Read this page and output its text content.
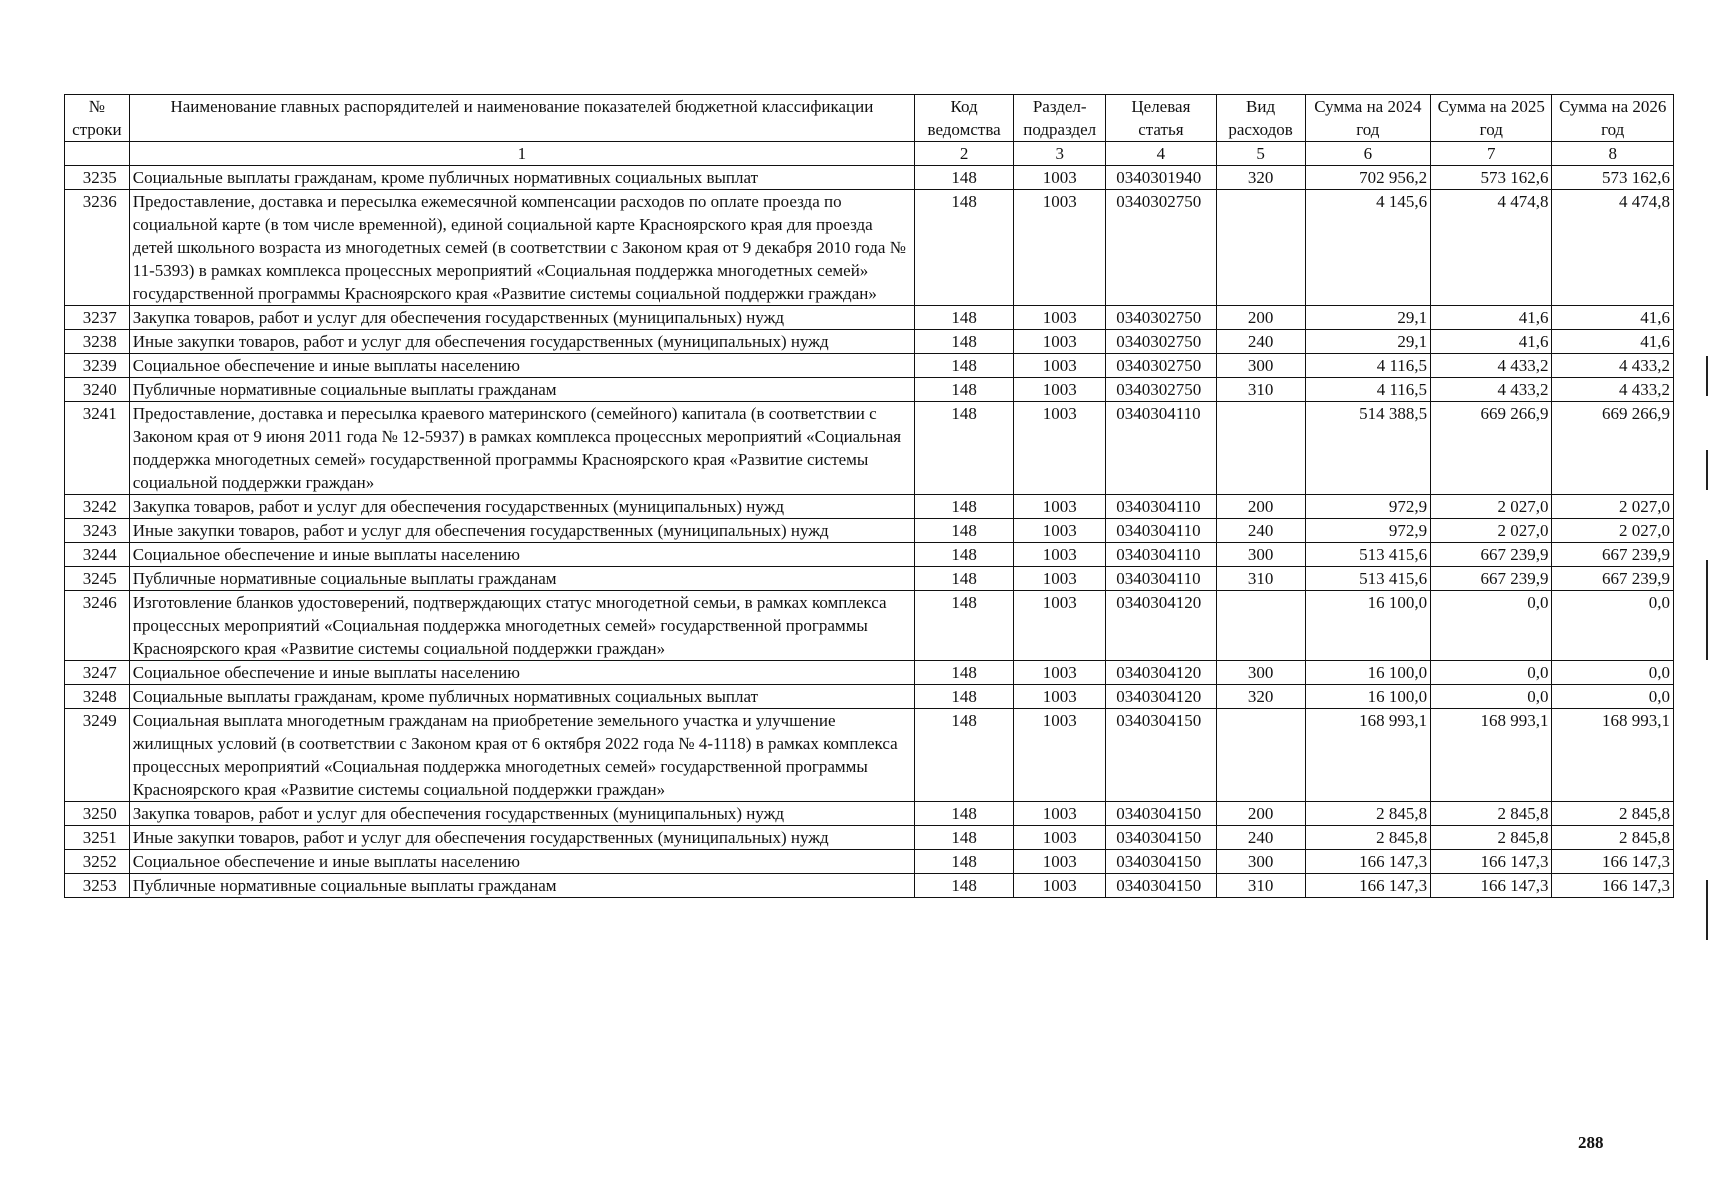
№ строки	Наименование главных распорядителей и наименование показателей бюджетной классификации	Код ведомства	Раздел-подраздел	Целевая статья	Вид расходов	Сумма на 2024 год	Сумма на 2025 год	Сумма на 2026 год
	1	2	3	4	5	6	7	8
3235	Социальные выплаты гражданам, кроме публичных нормативных социальных выплат	148	1003	0340301940	320	702 956,2	573 162,6	573 162,6
3236	Предоставление, доставка и пересылка ежемесячной компенсации расходов по оплате проезда по социальной карте (в том числе временной), единой социальной карте Красноярского края для проезда детей школьного возраста из многодетных семей (в соответствии с Законом края от 9 декабря 2010 года № 11-5393) в рамках комплекса процессных мероприятий «Социальная поддержка многодетных семей» государственной программы Красноярского края «Развитие системы социальной поддержки граждан»	148	1003	0340302750		4 145,6	4 474,8	4 474,8
3237	Закупка товаров, работ и услуг для обеспечения государственных (муниципальных) нужд	148	1003	0340302750	200	29,1	41,6	41,6
3238	Иные закупки товаров, работ и услуг для обеспечения государственных (муниципальных) нужд	148	1003	0340302750	240	29,1	41,6	41,6
3239	Социальное обеспечение и иные выплаты населению	148	1003	0340302750	300	4 116,5	4 433,2	4 433,2
3240	Публичные нормативные социальные выплаты гражданам	148	1003	0340302750	310	4 116,5	4 433,2	4 433,2
3241	Предоставление, доставка и пересылка краевого материнского (семейного) капитала (в соответствии с Законом края от 9 июня 2011 года № 12-5937) в рамках комплекса процессных мероприятий «Социальная поддержка многодетных семей» государственной программы Красноярского края «Развитие системы социальной поддержки граждан»	148	1003	0340304110		514 388,5	669 266,9	669 266,9
3242	Закупка товаров, работ и услуг для обеспечения государственных (муниципальных) нужд	148	1003	0340304110	200	972,9	2 027,0	2 027,0
3243	Иные закупки товаров, работ и услуг для обеспечения государственных (муниципальных) нужд	148	1003	0340304110	240	972,9	2 027,0	2 027,0
3244	Социальное обеспечение и иные выплаты населению	148	1003	0340304110	300	513 415,6	667 239,9	667 239,9
3245	Публичные нормативные социальные выплаты гражданам	148	1003	0340304110	310	513 415,6	667 239,9	667 239,9
3246	Изготовление бланков удостоверений, подтверждающих статус многодетной семьи, в рамках комплекса процессных мероприятий «Социальная поддержка многодетных семей» государственной программы Красноярского края «Развитие системы социальной поддержки граждан»	148	1003	0340304120		16 100,0	0,0	0,0
3247	Социальное обеспечение и иные выплаты населению	148	1003	0340304120	300	16 100,0	0,0	0,0
3248	Социальные выплаты гражданам, кроме публичных нормативных социальных выплат	148	1003	0340304120	320	16 100,0	0,0	0,0
3249	Социальная выплата многодетным гражданам на приобретение земельного участка и улучшение жилищных условий (в соответствии с Законом края от 6 октября 2022 года № 4-1118) в рамках комплекса процессных мероприятий «Социальная поддержка многодетных семей» государственной программы Красноярского края «Развитие системы социальной поддержки граждан»	148	1003	0340304150		168 993,1	168 993,1	168 993,1
3250	Закупка товаров, работ и услуг для обеспечения государственных (муниципальных) нужд	148	1003	0340304150	200	2 845,8	2 845,8	2 845,8
3251	Иные закупки товаров, работ и услуг для обеспечения государственных (муниципальных) нужд	148	1003	0340304150	240	2 845,8	2 845,8	2 845,8
3252	Социальное обеспечение и иные выплаты населению	148	1003	0340304150	300	166 147,3	166 147,3	166 147,3
3253	Публичные нормативные социальные выплаты гражданам	148	1003	0340304150	310	166 147,3	166 147,3	166 147,3
288
